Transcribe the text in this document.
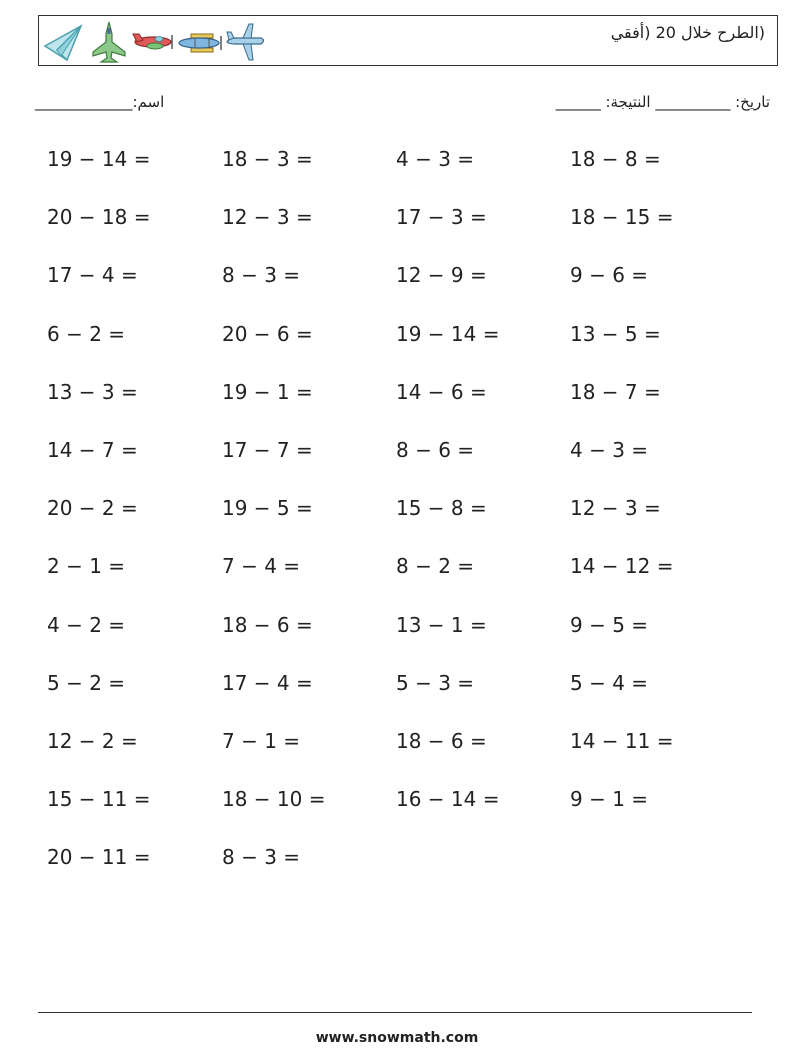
(الطرح خلال 20 (أفقي
اسم:_____________	______ :تاريخ: __________ النتيجة
19 − 14 =	18 − 3 =	4 − 3 =	18 − 8 =
20 − 18 =	12 − 3 =	17 − 3 =	18 − 15 =
17 − 4 =	8 − 3 =	12 − 9 =	9 − 6 =
6 − 2 =	20 − 6 =	19 − 14 =	13 − 5 =
13 − 3 =	19 − 1 =	14 − 6 =	18 − 7 =
14 − 7 =	17 − 7 =	8 − 6 =	4 − 3 =
20 − 2 =	19 − 5 =	15 − 8 =	12 − 3 =
2 − 1 =	7 − 4 =	8 − 2 =	14 − 12 =
4 − 2 =	18 − 6 =	13 − 1 =	9 − 5 =
5 − 2 =	17 − 4 =	5 − 3 =	5 − 4 =
12 − 2 =	7 − 1 =	18 − 6 =	14 − 11 =
15 − 11 =	18 − 10 =	16 − 14 =	9 − 1 =
20 − 11 =	8 − 3 =
www.snowmath.com
